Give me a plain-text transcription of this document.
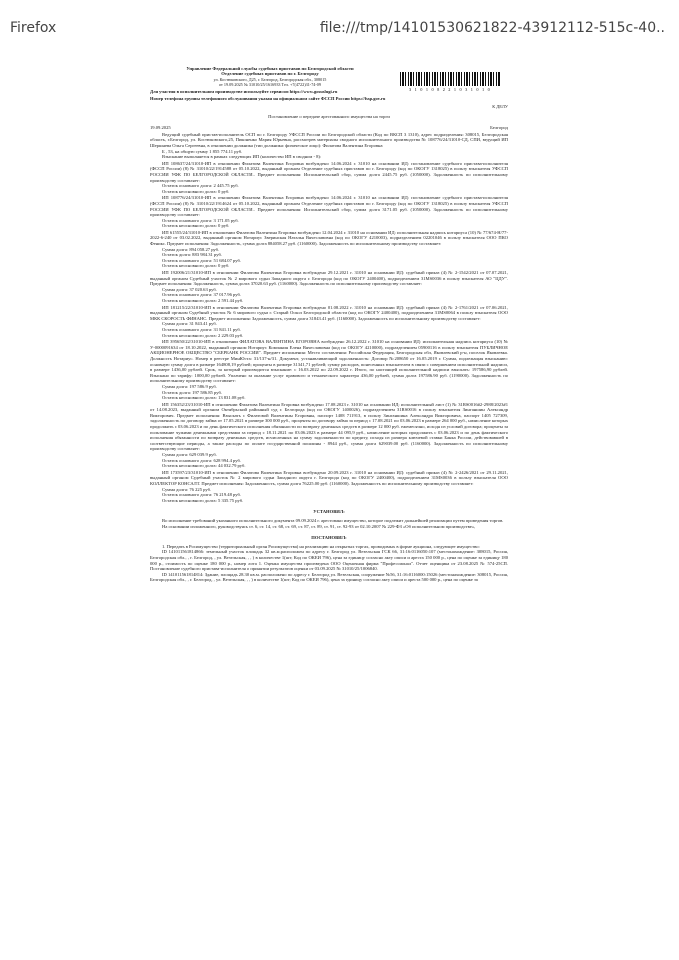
Firefox	file:///tmp/14101530621822-43912112-515c-40..
3 1 0 1 0 8 2 2 1 0 3 1 0 1 0
Управление Федеральной службы судебных приставов по Белгородской области
Отделение судебных приставов по г. Белгороду
ул. Костюковского, Д25, г. Белгород, Белгородская обл., 308015
от 19.09.2025 № 31010/25/1616933 Тел. +7(4722)31-74-09
Для участия в исполнительном производстве используйте сервисом https://www.gosuslugi.ru
Номер телефона группы телефонного обслуживания указан на официальном сайте ФССП России https://fssp.gov.ru
К ДЕЛУ
Постановление о передаче арестованного имущества на торги
19.09.2025	Белгород

Ведущий судебный пристав-исполнитель ОСП по г. Белгороду УФССП России по Белгородской области (Код по ВКСП 3 1310), адрес подразделения: 308015, Белгородская область, г.Белгород, ул. Костюковского,25, Пиконенко Мария Юрьевна, рассмотрев материалы сводного исполнительного производства № 108776/24/31010-СД, СПИ, ведущий ИП Шершнева Ольга Сергеевна, в отношении должника (тип должника: физическое лицо): Филатова Валентина Егоровна

Б , 53, на общую сумму 1 855 774.11 руб.

Взыскание выполняется в рамках следующих ИП (количество ИП в сводном - 8):

ИП 108637/24/31010-ИП в отношении Филатова Валентина Егоровна возбуждено 14.06.2024 г. 31010 на основании ИД: постановление судебного пристава-исполнителя (ФССП России) (8) № 31010/22/1914588 от 05.10.2022, выданный органом Отделение судебных приставов по г. Белгороду (код по ОКОГУ 1318025) в пользу взыскателя УФССП РОССИИ УФК ПО БЕЛГОРОДСКОЙ ОБЛАСТИ.. Предмет исполнения: Исполнительский сбор, сумма долга 2445.75 руб. (1050000). Задолженность по исполнительному производству составляет:

Остаток основного долга: 2 445.75 руб.
Остаток неосновного долга: 0 руб.

ИП 108776/24/31010-ИП в отношении Филатова Валентина Егоровна возбуждено 14.06.2024 г. 31010 на основании ИД: постановление судебного пристава-исполнителя (ФССП России) (8) № 31010/22/1914624 от 05.10.2022, выданный органом Отделение судебных приставов по г. Белгороду (код по ОКОГУ 1318025) в пользу взыскателя УФССП РОССИИ УФК ПО БЕЛГОРОДСКОЙ ОБЛАСТИ.. Предмет исполнения: Исполнительский сбор, сумма долга 3171.05 руб. (1050000). Задолженность по исполнительному производству составляет:

Остаток основного долга: 3 171.05 руб.
Остаток неосновного долга: 0 руб.

ИП 61555/24/31010-ИП в отношении Филатова Валентина Егоровна возбуждено 12.04.2024 г. 31010 на основании ИД: исполнительная надпись нотариуса (10) № 77/674-Н/77-2022-6-240 от 03.02.2022, выданный органом Нотариус Зверинская Наталья Вячеславовна (код по ОКОГУ 4210003), подразделением 02201046 в пользу взыскателя ООО ПКО Феникс. Предмет исполнения: Задолженность, сумма долга 884058.27 руб. (1160000). Задолженность по исполнительному производству составляет:

Сумма долга: 894 058.27 руб.
Остаток долга: 883 984.31 руб.
Остаток основного долга: 51 684.07 руб.
Остаток неосновного долга: 0 руб.

ИП 192006/21/31010-ИП в отношении Филатова Валентина Егоровна возбуждено 29.12.2021 г. 31010 на основании ИД: судебный приказ (4) № 2-1542/2021 от 07.07.2021, выданный органом Судебный участок № 2 мирового судьи Западного округа г. Белгорода (код по ОКОГУ 2400400), подразделением 31MS0036 в пользу взыскателя АО "ЦДУ". Предмет исполнения: Задолженность, сумма долга 37020.63 руб. (1160000). Задолженность по исполнительному производству составляет:

Сумма долга: 37 020.63 руб.
Остаток основного долга: 37 017.96 руб.
Остаток неосновного долга: 2 591.44 руб.

ИП 181215/22/31010-ИП в отношении Филатова Валентина Егоровна возбуждено 01.08.2022 г. 31010 на основании ИД: судебный приказ (4) № 2-1761/2021 от 07.06.2021, выданный органом Судебный участок № 6 мирового судьи г. Старый Оскол Белгородской области (код по ОКОГУ 2400400), подразделением 31MS0064 в пользу взыскателя ООО МКК СКОРОСТЬ ФИНАНС. Предмет исполнения: Задолженность, сумма долга 31843.41 руб. (1160000). Задолженность по исполнительному производству составляет:

Сумма долга: 31 843.41 руб.
Остаток основного долга: 31 841.11 руб.
Остаток неосновного долга: 2 229.03 руб.

ИП 395650/22/31010-ИП в отношении ФИЛАТОВА ВАЛЕНТИНА ЕГОРОВНА возбуждено 26.12.2022 г. 31010 на основании ИД: исполнительная надпись нотариуса (10) № У-0000091634 от 18.10.2022, выданный органом Нотариус Компания Елена Вячеславовна (код по ОКОГУ 4210000), подразделением 05900116 в пользу взыскателя ПУБЛИЧНОЕ АКЦИОНЕРНОЕ ОБЩЕСТВО "СБЕРБАНК РОССИИ". Предмет исполнения: Место составления: Российская Федерация, Белгородская обл, Яковлевский р-н, поселок Яковлевка. Должность Нотариус. Номер в реестре МинЮста: 31/137-н/31. Документ, устанавливающий задолженность: Договор №208650 от 16.05.2019 г. Сумма, подлежащая взысканию: основную сумму долга в размере 164808,19 рублей; проценты в размере 31341,71 рублей; сумму расходов, понесенных взыскателем в связи с совершением исполнительной надписи, в размере 1436,00 рублей. Срок, за который производится взыскание: с 16.03.2022 по 22.09.2022 г. Итого, по настоящей исполнительной надписи взыскать: 197586,90 рублей. Взыскано по тарифу: 1000,00 рублей. Уплачено за оказание услуг правового и технического характера 436,00 рублей, сумма долга 197586.90 руб. (1190000). Задолженность по исполнительному производству составляет:

Сумма долга: 197 586.9 руб.
Остаток долга: 197 586.85 руб.
Остаток неосновного долга: 13 831.08 руб.

ИП 156352/23/31010-ИП в отношении Филатова Валентина Егоровна возбуждено 17.08.2023 г. 31010 на основании ИД: исполнительный лист (1) № 31RS0016#2-2988/2023#1 от 14.08.2023, выданный органом Октябрьский районный суд г. Белгорода (код по ОКОГУ 1400026), подразделением 31RS0016 в пользу взыскателя Зинганшин Александр Викторович. Предмет исполнения: Взыскать с Филатовой Валентины Егоровны, паспорт 1408 711913, в пользу Зинганшина Александра Викторовича, паспорт 1405 727309, задолженность по договору займа от 17.05.2021 в размере 300 000 руб., проценты по договору займа за период с 17.08.2021 по 03.06.2023 в размере 264 000 руб., начисление которых продолжить с 03.06.2023 и по день фактического исполнения обязанности по возврату денежных средств в размере 12 000 руб. ежемесячно, исходя из условий договора; проценты за пользование чужими денежными средствами за период с 18.11.2021 по 03.06.2023 в размере 44 095,9 руб., начисление которых продолжить с 03.06.2023 и по день фактического исполнения обязанности по возврату денежных средств, исчисленных на сумму задолженности по кредиту, исходя из размера ключевой ставки Банка России, действовавшей в соответствующие периоды, а также расходы по оплате государственной пошлины - 8944 руб., сумма долга 629039.00 руб. (1160000). Задолженность по исполнительному производству составляет:

Сумма долга: 629 039.9 руб.
Остаток основного долга: 628 994.4 руб.
Остаток неосновного долга: 44 032.79 руб.

ИП 173597/23/31010-ИП в отношении Филатова Валентина Егоровна возбуждено 20.09.2023 г. 31010 на основании ИД: судебный приказ (4) № 2-2426/2021 от 29.11.2021, выданный органом Судебный участок № 2 мирового судьи Западного округа г. Белгорода (код по ОКОГУ 2400400), подразделением 31MS0036 в пользу взыскателя ООО КОЛЛЕКТОР КОНСАЛТ. Предмет исполнения: Задолженность, сумма долга 76225.00 руб. (1160000). Задолженность по исполнительному производству составляет:

Сумма долга: 76 225 руб.
Остаток основного долга: 76 219.48 руб.
Остаток неосновного долга: 5 335.75 руб.
УСТАНОВИЛ:

Во исполнение требований указанного исполнительного документа 09.09.2024 г. арестовано имущество, которое подлежит дальнейшей реализации путем проведения торгов.

На основании изложенного, руководствуясь ст. 6, ст. 14, ст. 68, ст. 69, ст. 87, ст. 89, ст. 91, ст. 92-93 от 02.10.2007 № 229-ФЗ «Об исполнительном производстве»,

ПОСТАНОВИЛ:

1. Передать в Росимущество (территориальный орган Росимущества) на реализацию на открытых торгах, проводимых в форме аукциона, следующее имущество:

ID 141011561814866: земельный участок площадь 32 кв.м.расположен по адресу г. Белгород ул. Везельская ГСК 66, 31:16:0116050:107 (местонахождение: 308015, Россия, Белгородская обл., , г. Белгород, , ул. Везельская, , , ) в количестве 1(шт; Код по ОКЕИ 796), цена за единицу согласно акту описи и ареста 150 000 р., цена по оценке за единицу 180 000 р., стоимость по оценке 180 000 р., номер лота 1. Оценка имущества произведена ООО Оценочная фирма "Профессионал". Отчет оценщика от 23.08.2025 № 574-25СП. Постановление судебного пристава-исполнителя о принятии результатов оценки от 03.09.2025 № 31010/25/1006840.

ID 141011561814814: Здание, площадь 28.30 кв.м. расположено по адресу г. Белгород ул. Везельская, сооружение №56, 31:16:0116000:15026 (местонахождение: 308015, Россия, Белгородская обл., , г. Белгород, , ул. Везельская, , , ) в количестве 1(шт; Код по ОКЕИ 796), цена за единицу согласно акту описи и ареста 500 000 р., цена по оценке за
